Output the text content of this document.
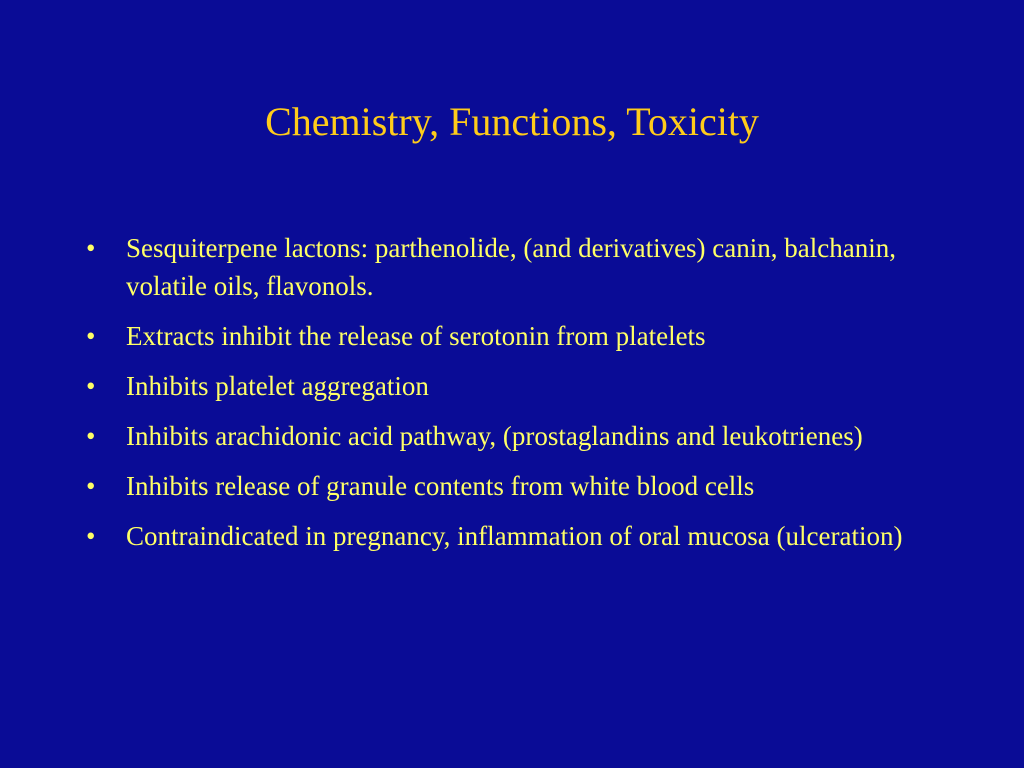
Chemistry, Functions, Toxicity
•	Sesquiterpene lactons: parthenolide, (and derivatives) canin, balchanin, volatile oils, flavonols.
•	Extracts inhibit the release of serotonin from platelets
•	Inhibits platelet aggregation
•	Inhibits arachidonic acid pathway, (prostaglandins and leukotrienes)
•	Inhibits release of granule contents from white blood cells
•	Contraindicated in pregnancy, inflammation of oral mucosa (ulceration)
